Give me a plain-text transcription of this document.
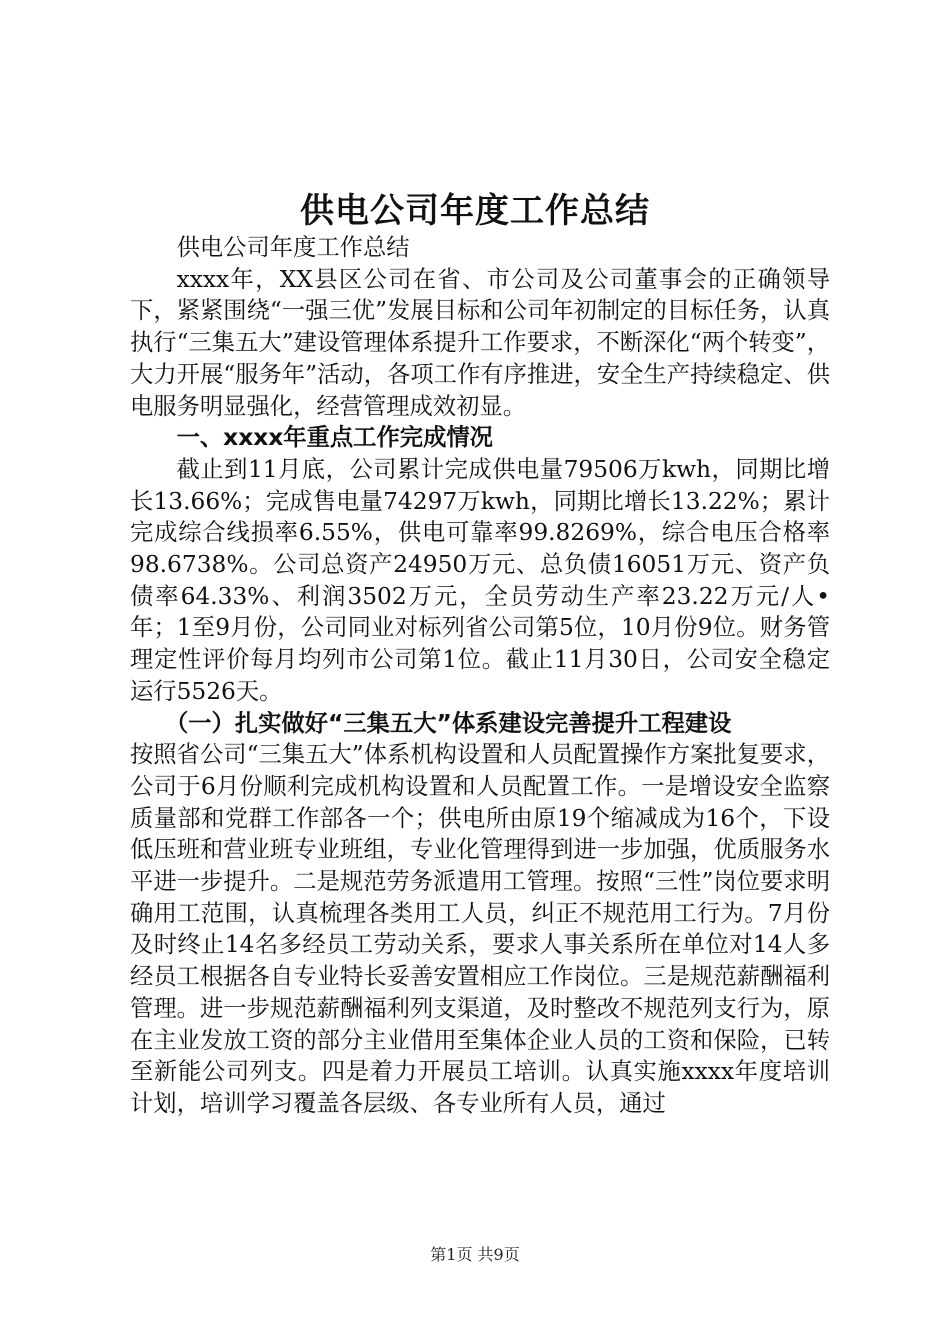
供电公司年度工作总结

供电公司年度工作总结

xxxx年，XX县区公司在省、市公司及公司董事会的正确领导下，紧紧围绕“一强三优”发展目标和公司年初制定的目标任务，认真执行“三集五大”建设管理体系提升工作要求，不断深化“两个转变”，大力开展“服务年”活动，各项工作有序推进，安全生产持续稳定、供电服务明显强化，经营管理成效初显。

一、xxxx年重点工作完成情况

截止到11月底，公司累计完成供电量79506万kwh，同期比增长13.66%；完成售电量74297万kwh，同期比增长13.22%；累计完成综合线损率6.55%，供电可靠率99.8269%，综合电压合格率98.6738%。公司总资产24950万元、总负债16051万元、资产负债率64.33%、利润3502万元，全员劳动生产率23.22万元/人•年；1至9月份，公司同业对标列省公司第5位，10月份9位。财务管理定性评价每月均列市公司第1位。截止11月30日，公司安全稳定运行5526天。

（一）扎实做好“三集五大”体系建设完善提升工程建设

按照省公司“三集五大”体系机构设置和人员配置操作方案批复要求，公司于6月份顺利完成机构设置和人员配置工作。一是增设安全监察质量部和党群工作部各一个；供电所由原19个缩减成为16个，下设低压班和营业班专业班组，专业化管理得到进一步加强，优质服务水平进一步提升。二是规范劳务派遣用工管理。按照“三性”岗位要求明确用工范围，认真梳理各类用工人员，纠正不规范用工行为。7月份及时终止14名多经员工劳动关系，要求人事关系所在单位对14人多经员工根据各自专业特长妥善安置相应工作岗位。三是规范薪酬福利管理。进一步规范薪酬福利列支渠道，及时整改不规范列支行为，原在主业发放工资的部分主业借用至集体企业人员的工资和保险，已转至新能公司列支。四是着力开展员工培训。认真实施xxxx年度培训计划，培训学习覆盖各层级、各专业所有人员，通过

第1页 共9页
